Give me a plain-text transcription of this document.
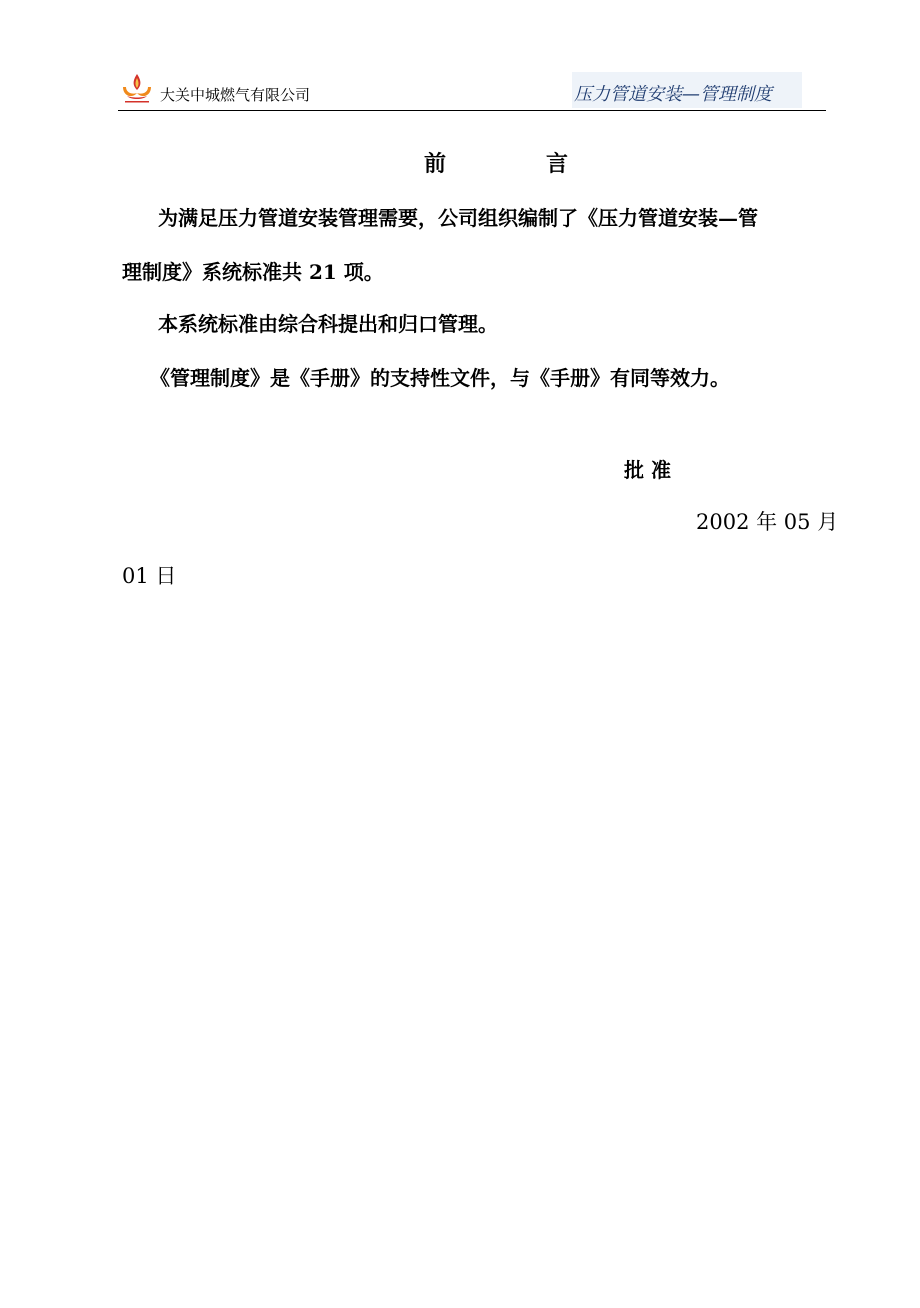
大关中城燃气有限公司	压力管道安装—管理制度
前	言
为满足压力管道安装管理需要，公司组织编制了《压力管道安装—管
理制度》系统标准共 21 项。
本系统标准由综合科提出和归口管理。
《管理制度》是《手册》的支持性文件，与《手册》有同等效力。
批 准
2002 年 05 月
01 日
